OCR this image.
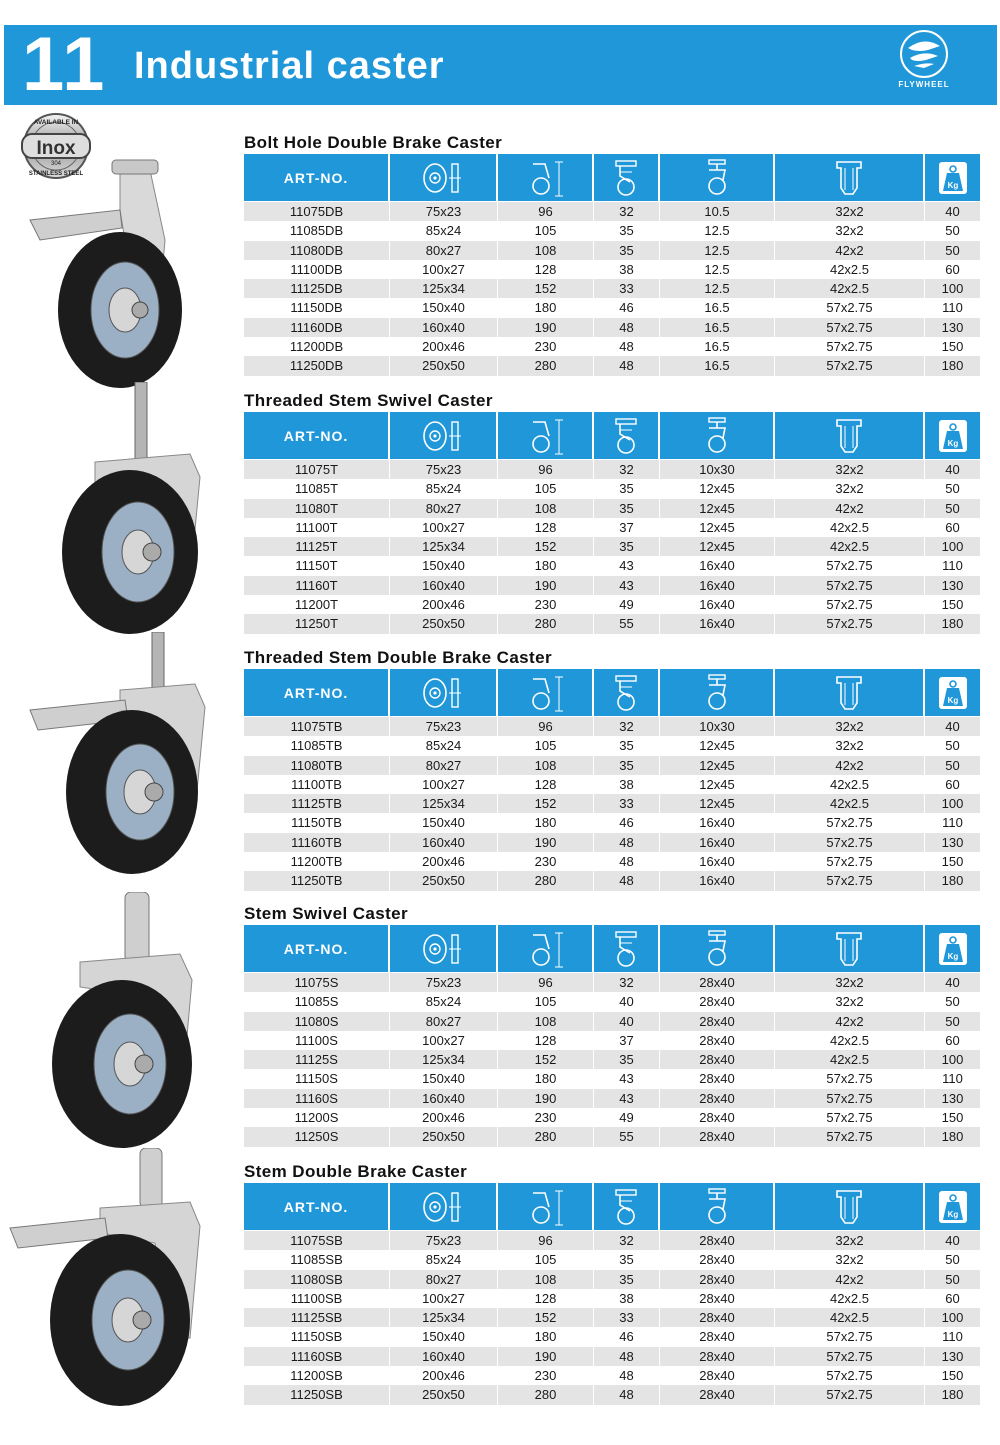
11 Industrial caster	FLYWHEEL
AVAILABLE IN
Inox
304
STAINLESS STEEL
Bolt Hole Double Brake Caster
ART-NO.	Kg
11075DB	75x23	96	32	10.5	32x2	40
11085DB	85x24	105	35	12.5	32x2	50
11080DB	80x27	108	35	12.5	42x2	50
11100DB	100x27	128	38	12.5	42x2.5	60
11125DB	125x34	152	33	12.5	42x2.5	100
11150DB	150x40	180	46	16.5	57x2.75	110
11160DB	160x40	190	48	16.5	57x2.75	130
11200DB	200x46	230	48	16.5	57x2.75	150
11250DB	250x50	280	48	16.5	57x2.75	180
Threaded Stem Swivel Caster
ART-NO.	Kg
11075T	75x23	96	32	10x30	32x2	40
11085T	85x24	105	35	12x45	32x2	50
11080T	80x27	108	35	12x45	42x2	50
11100T	100x27	128	37	12x45	42x2.5	60
11125T	125x34	152	35	12x45	42x2.5	100
11150T	150x40	180	43	16x40	57x2.75	110
11160T	160x40	190	43	16x40	57x2.75	130
11200T	200x46	230	49	16x40	57x2.75	150
11250T	250x50	280	55	16x40	57x2.75	180
Threaded Stem Double Brake Caster
ART-NO.	Kg
11075TB	75x23	96	32	10x30	32x2	40
11085TB	85x24	105	35	12x45	32x2	50
11080TB	80x27	108	35	12x45	42x2	50
11100TB	100x27	128	38	12x45	42x2.5	60
11125TB	125x34	152	33	12x45	42x2.5	100
11150TB	150x40	180	46	16x40	57x2.75	110
11160TB	160x40	190	48	16x40	57x2.75	130
11200TB	200x46	230	48	16x40	57x2.75	150
11250TB	250x50	280	48	16x40	57x2.75	180
Stem Swivel Caster
ART-NO.	Kg
11075S	75x23	96	32	28x40	32x2	40
11085S	85x24	105	40	28x40	32x2	50
11080S	80x27	108	40	28x40	42x2	50
11100S	100x27	128	37	28x40	42x2.5	60
11125S	125x34	152	35	28x40	42x2.5	100
11150S	150x40	180	43	28x40	57x2.75	110
11160S	160x40	190	43	28x40	57x2.75	130
11200S	200x46	230	49	28x40	57x2.75	150
11250S	250x50	280	55	28x40	57x2.75	180
Stem Double Brake Caster
ART-NO.	Kg
11075SB	75x23	96	32	28x40	32x2	40
11085SB	85x24	105	35	28x40	32x2	50
11080SB	80x27	108	35	28x40	42x2	50
11100SB	100x27	128	38	28x40	42x2.5	60
11125SB	125x34	152	33	28x40	42x2.5	100
11150SB	150x40	180	46	28x40	57x2.75	110
11160SB	160x40	190	48	28x40	57x2.75	130
11200SB	200x46	230	48	28x40	57x2.75	150
11250SB	250x50	280	48	28x40	57x2.75	180
